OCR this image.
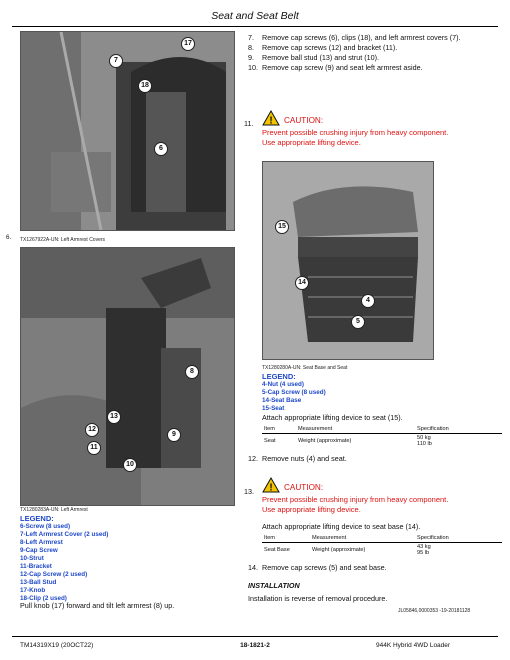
Seat and Seat Belt
17
7
18
6
6. TX1267922A-UN: Left Armrest Covers
8
12
13
11
9
10
TX1280283A-UN: Left Armrest
LEGEND:
6-Screw (8 used)
7-Left Armrest Cover (2 used)
8-Left Armrest
9-Cap Screw
10-Strut
11-Bracket
12-Cap Screw (2 used)
13-Ball Stud
17-Knob
18-Clip (2 used)
Pull knob (17) forward and tilt left armrest (8) up.
7. Remove cap screws (6), clips (18), and left armrest covers (7).
8. Remove cap screws (12) and bracket (11).
9. Remove ball stud (13) and strut (10).
10. Remove cap screw (9) and seat left armrest aside.
11. ! CAUTION:
Prevent possible crushing injury from heavy component.
Use appropriate lifting device.
15
14
4
5
TX1280280A-UN: Seat Base and Seat
LEGEND:
4-Nut (4 used)
5-Cap Screw (8 used)
14-Seat Base
15-Seat
Attach appropriate lifting device to seat (15).
Item	Measurement	Specification
Seat	Weight (approximate)	50 kg
110 lb
12. Remove nuts (4) and seat.
13. ! CAUTION:
Prevent possible crushing injury from heavy component.
Use appropriate lifting device.
Attach appropriate lifting device to seat base (14).
Item	Measurement	Specification
Seat Base	Weight (approximate)	43 kg
95 lb
14. Remove cap screws (5) and seat base.
INSTALLATION
Installation is reverse of removal procedure.
JL05846,0000353 -19-20181128
TM14319X19 (20OCT22)	18-1821-2	944K Hybrid 4WD Loader
